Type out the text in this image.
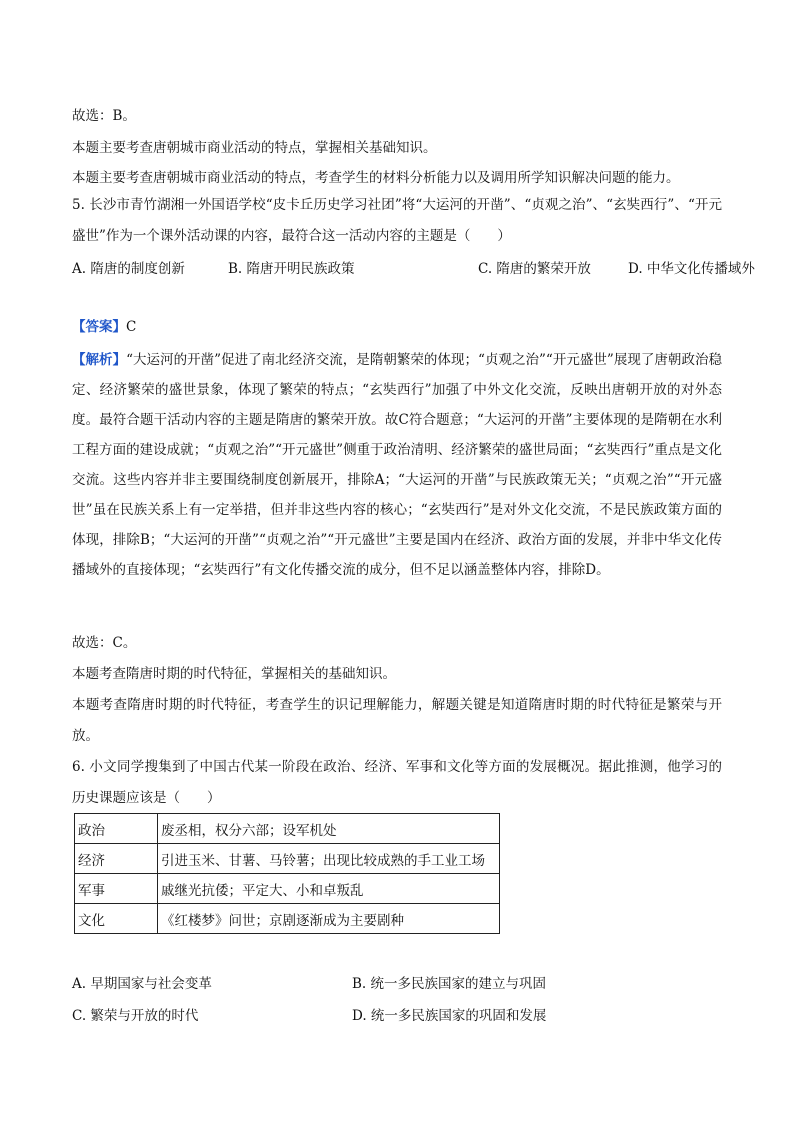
故选：B。
本题主要考查唐朝城市商业活动的特点，掌握相关基础知识。
本题主要考查唐朝城市商业活动的特点，考查学生的材料分析能力以及调用所学知识解决问题的能力。
5. 长沙市青竹湖湘一外国语学校“皮卡丘历史学习社团”将“大运河的开凿”、“贞观之治”、“玄奘西行”、“开元盛世”作为一个课外活动课的内容，最符合这一活动内容的主题是（　　）
A. 隋唐的制度创新	B. 隋唐开明民族政策	C. 隋唐的繁荣开放	D. 中华文化传播域外
【答案】C
【解析】“大运河的开凿”促进了南北经济交流，是隋朝繁荣的体现；“贞观之治”“开元盛世”展现了唐朝政治稳定、经济繁荣的盛世景象，体现了繁荣的特点；“玄奘西行”加强了中外文化交流，反映出唐朝开放的对外态度。最符合题干活动内容的主题是隋唐的繁荣开放。故C符合题意；“大运河的开凿”主要体现的是隋朝在水利工程方面的建设成就；“贞观之治”“开元盛世”侧重于政治清明、经济繁荣的盛世局面；“玄奘西行”重点是文化交流。这些内容并非主要围绕制度创新展开，排除A；“大运河的开凿”与民族政策无关；“贞观之治”“开元盛世”虽在民族关系上有一定举措，但并非这些内容的核心；“玄奘西行”是对外文化交流，不是民族政策方面的体现，排除B；“大运河的开凿”“贞观之治”“开元盛世”主要是国内在经济、政治方面的发展，并非中华文化传播域外的直接体现；“玄奘西行”有文化传播交流的成分，但不足以涵盖整体内容，排除D。
故选：C。
本题考查隋唐时期的时代特征，掌握相关的基础知识。
本题考查隋唐时期的时代特征，考查学生的识记理解能力，解题关键是知道隋唐时期的时代特征是繁荣与开放。
6. 小文同学搜集到了中国古代某一阶段在政治、经济、军事和文化等方面的发展概况。据此推测，他学习的历史课题应该是（　　）
政治	废丞相，权分六部；设军机处
经济	引进玉米、甘薯、马铃薯；出现比较成熟的手工业工场
军事	戚继光抗倭；平定大、小和卓叛乱
文化	《红楼梦》问世；京剧逐渐成为主要剧种
A. 早期国家与社会变革	B. 统一多民族国家的建立与巩固
C. 繁荣与开放的时代	D. 统一多民族国家的巩固和发展
